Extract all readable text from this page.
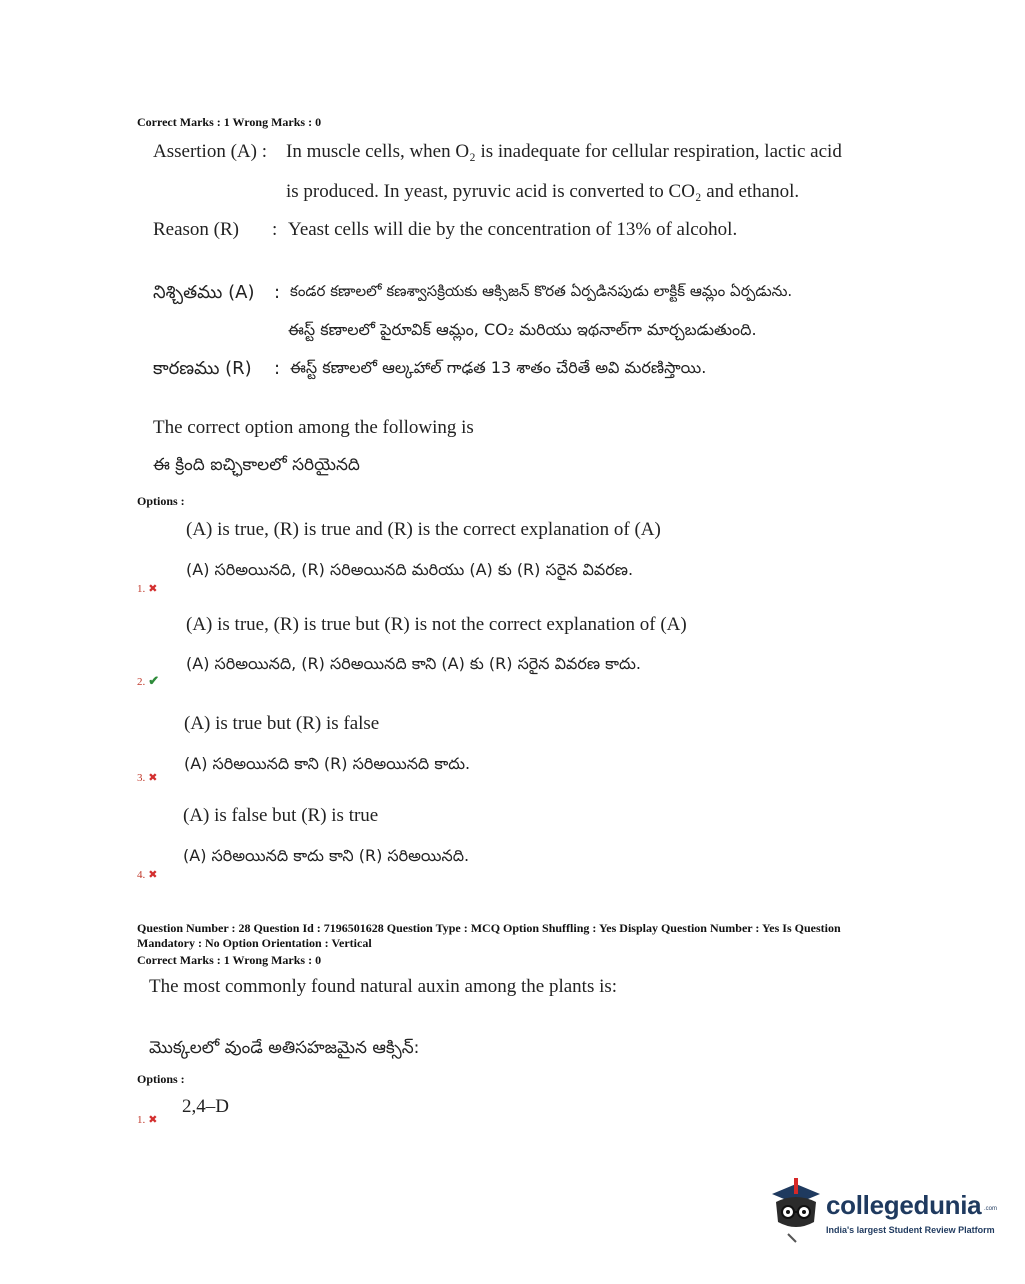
Correct Marks : 1 Wrong Marks : 0
Assertion (A) : In muscle cells, when O₂ is inadequate for cellular respiration, lactic acid
is produced. In yeast, pyruvic acid is converted to CO₂ and ethanol.
Reason (R) : Yeast cells will die by the concentration of 13% of alcohol.
నిశ్చితము (A) : కండర కణాలలో కణశ్వాసక్రియకు ఆక్సిజన్ కొరత ఏర్పడినపుడు లాక్టిక్ ఆమ్లం ఏర్పడును.
ఈస్ట్ కణాలలో పైరూవిక్ ఆమ్లం, CO₂ మరియు ఇథనాల్‌గా మార్చబడుతుంది.
కారణము (R) : ఈస్ట్ కణాలలో ఆల్కహాల్ గాఢత 13 శాతం చేరితే అవి మరణిస్తాయి.
The correct option among the following is
ఈ క్రింది ఐచ్ఛికాలలో సరియైనది
Options :
(A) is true, (R) is true and (R) is the correct explanation of (A)
(A) సరిఅయినది, (R) సరిఅయినది మరియు (A) కు (R) సరైన వివరణ.
1. ✖
(A) is true, (R) is true but (R) is not the correct explanation of (A)
(A) సరిఅయినది, (R) సరిఅయినది కాని (A) కు (R) సరైన వివరణ కాదు.
2. ✔
(A) is true but (R) is false
(A) సరిఅయినది కాని (R) సరిఅయినది కాదు.
3. ✖
(A) is false but (R) is true
(A) సరిఅయినది కాదు కాని (R) సరిఅయినది.
4. ✖
Question Number : 28 Question Id : 7196501628 Question Type : MCQ Option Shuffling : Yes Display Question Number : Yes Is Question
Mandatory : No Option Orientation : Vertical
Correct Marks : 1 Wrong Marks : 0
The most commonly found natural auxin among the plants is:
మొక్కలలో వుండే అతిసహజమైన ఆక్సిన్:
Options :
1. ✖
2,4–D
collegedunia .com
India's largest Student Review Platform
